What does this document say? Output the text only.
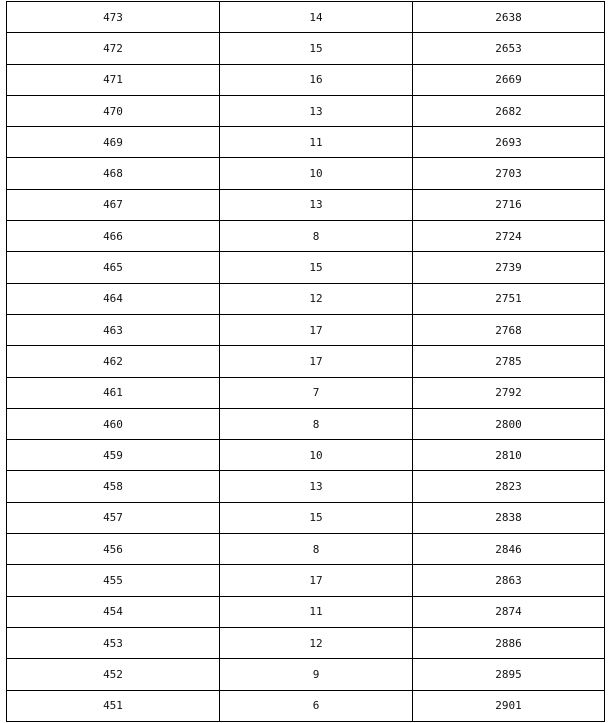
473	14	2638
472	15	2653
471	16	2669
470	13	2682
469	11	2693
468	10	2703
467	13	2716
466	8	2724
465	15	2739
464	12	2751
463	17	2768
462	17	2785
461	7	2792
460	8	2800
459	10	2810
458	13	2823
457	15	2838
456	8	2846
455	17	2863
454	11	2874
453	12	2886
452	9	2895
451	6	2901
